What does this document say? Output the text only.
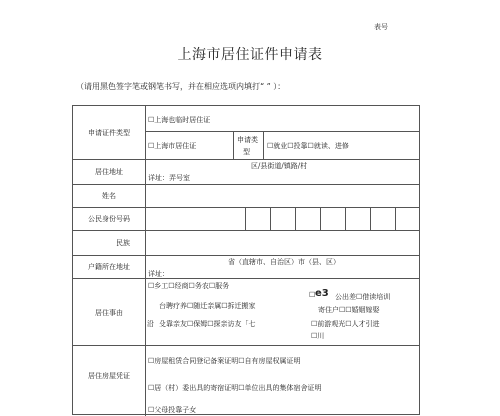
表号
上海市居住证件申请表
（请用黑色签字笔或钢笔书写，并在相应选项内填打“ ” ）：
申请证件类型
居住地址
姓名
公民身份号码
民族
户籍所在地址
居住事由
居住房屋凭证
☐上海也临时居住证
☐上海市居住证
申请类
型
☐就业☐投靠☐就读、进修
区/县街道/镇路/村
详址：弄号室
省（直辖市、自治区）市（县、区）
详址：
☐乡工☐经商☐务农☐服务
台聘疗养☐随迁亲属☐拆迁搬家
殳靠亲友☐保姆☐探亲访友「七
沿
☐ e3 公出差☐借读培训
寄住户☐☐婚姻嫁娶
☐前游观光☐人才引进
☐川
☐房屋租赁合同登记备案证明☐自有房屋权属证明
☐居（村）委出具的寄宿证明☐单位出具的集体宿舍证明
☐父母投靠子女
